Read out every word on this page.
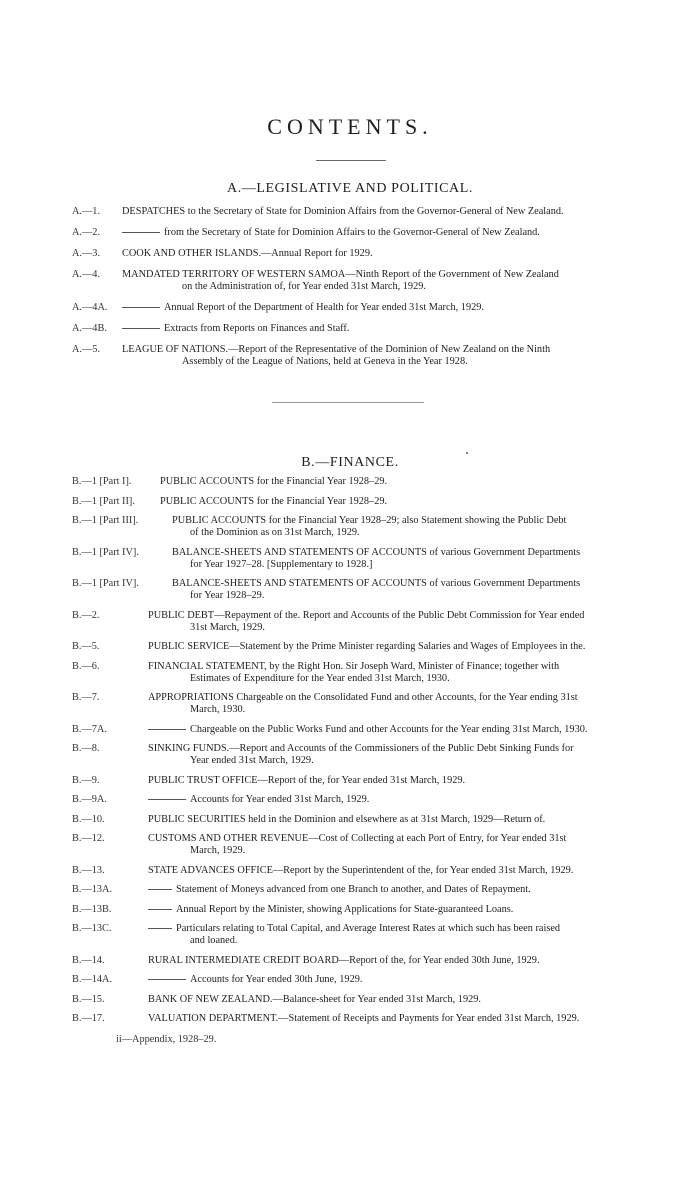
CONTENTS.
A.—LEGISLATIVE AND POLITICAL.
A.—1. DESPATCHES to the Secretary of State for Dominion Affairs from the Governor-General of New Zealand.
A.—2.	from the Secretary of State for Dominion Affairs to the Governor-General of New Zealand.
A.—3. COOK AND OTHER ISLANDS.—Annual Report for 1929.
A.—4. MANDATED TERRITORY OF WESTERN SAMOA—Ninth Report of the Government of New Zealand
on the Administration of, for Year ended 31st March, 1929.
A.—4A.	Annual Report of the Department of Health for Year ended 31st March, 1929.
A.—4B.	Extracts from Reports on Finances and Staff.
A.—5. LEAGUE OF NATIONS.—Report of the Representative of the Dominion of New Zealand on the Ninth
Assembly of the League of Nations, held at Geneva in the Year 1928.
B.—FINANCE.
B.—1 [Part I].	PUBLIC ACCOUNTS for the Financial Year 1928–29.
B.—1 [Part II]. PUBLIC ACCOUNTS for the Financial Year 1928–29.
B.—1 [Part III].	PUBLIC ACCOUNTS for the Financial Year 1928–29; also Statement showing the Public Debt
of the Dominion as on 31st March, 1929.
B.—1 [Part IV].	BALANCE-SHEETS AND STATEMENTS OF ACCOUNTS of various Government Departments
for Year 1927–28. [Supplementary to 1928.]
B.—1 [Part IV].	BALANCE-SHEETS AND STATEMENTS OF ACCOUNTS of various Government Departments
for Year 1928–29.
B.—2.	PUBLIC DEBT—Repayment of the. Report and Accounts of the Public Debt Commission for Year ended
31st March, 1929.
B.—5.	PUBLIC SERVICE—Statement by the Prime Minister regarding Salaries and Wages of Employees in the.
B.—6.	FINANCIAL STATEMENT, by the Right Hon. Sir Joseph Ward, Minister of Finance; together with
Estimates of Expenditure for the Year ended 31st March, 1930.
B.—7.	APPROPRIATIONS Chargeable on the Consolidated Fund and other Accounts, for the Year ending 31st
March, 1930.
B.—7A.	Chargeable on the Public Works Fund and other Accounts for the Year ending 31st March, 1930.
B.—8.	SINKING FUNDS.—Report and Accounts of the Commissioners of the Public Debt Sinking Funds for
Year ended 31st March, 1929.
B.—9.	PUBLIC TRUST OFFICE—Report of the, for Year ended 31st March, 1929.
B.—9A.	Accounts for Year ended 31st March, 1929.
B.—10.	PUBLIC SECURITIES held in the Dominion and elsewhere as at 31st March, 1929—Return of.
B.—12.	CUSTOMS AND OTHER REVENUE—Cost of Collecting at each Port of Entry, for Year ended 31st
March, 1929.
B.—13.	STATE ADVANCES OFFICE—Report by the Superintendent of the, for Year ended 31st March, 1929.
B.—13A.	Statement of Moneys advanced from one Branch to another, and Dates of Repayment.
B.—13B.	Annual Report by the Minister, showing Applications for State-guaranteed Loans.
B.—13C.	Particulars relating to Total Capital, and Average Interest Rates at which such has been raised
and loaned.
B.—14.	RURAL INTERMEDIATE CREDIT BOARD—Report of the, for Year ended 30th June, 1929.
B.—14A.	Accounts for Year ended 30th June, 1929.
B.—15.	BANK OF NEW ZEALAND.—Balance-sheet for Year ended 31st March, 1929.
B.—17.	VALUATION DEPARTMENT.—Statement of Receipts and Payments for Year ended 31st March, 1929.
ii—Appendix, 1928–29.
